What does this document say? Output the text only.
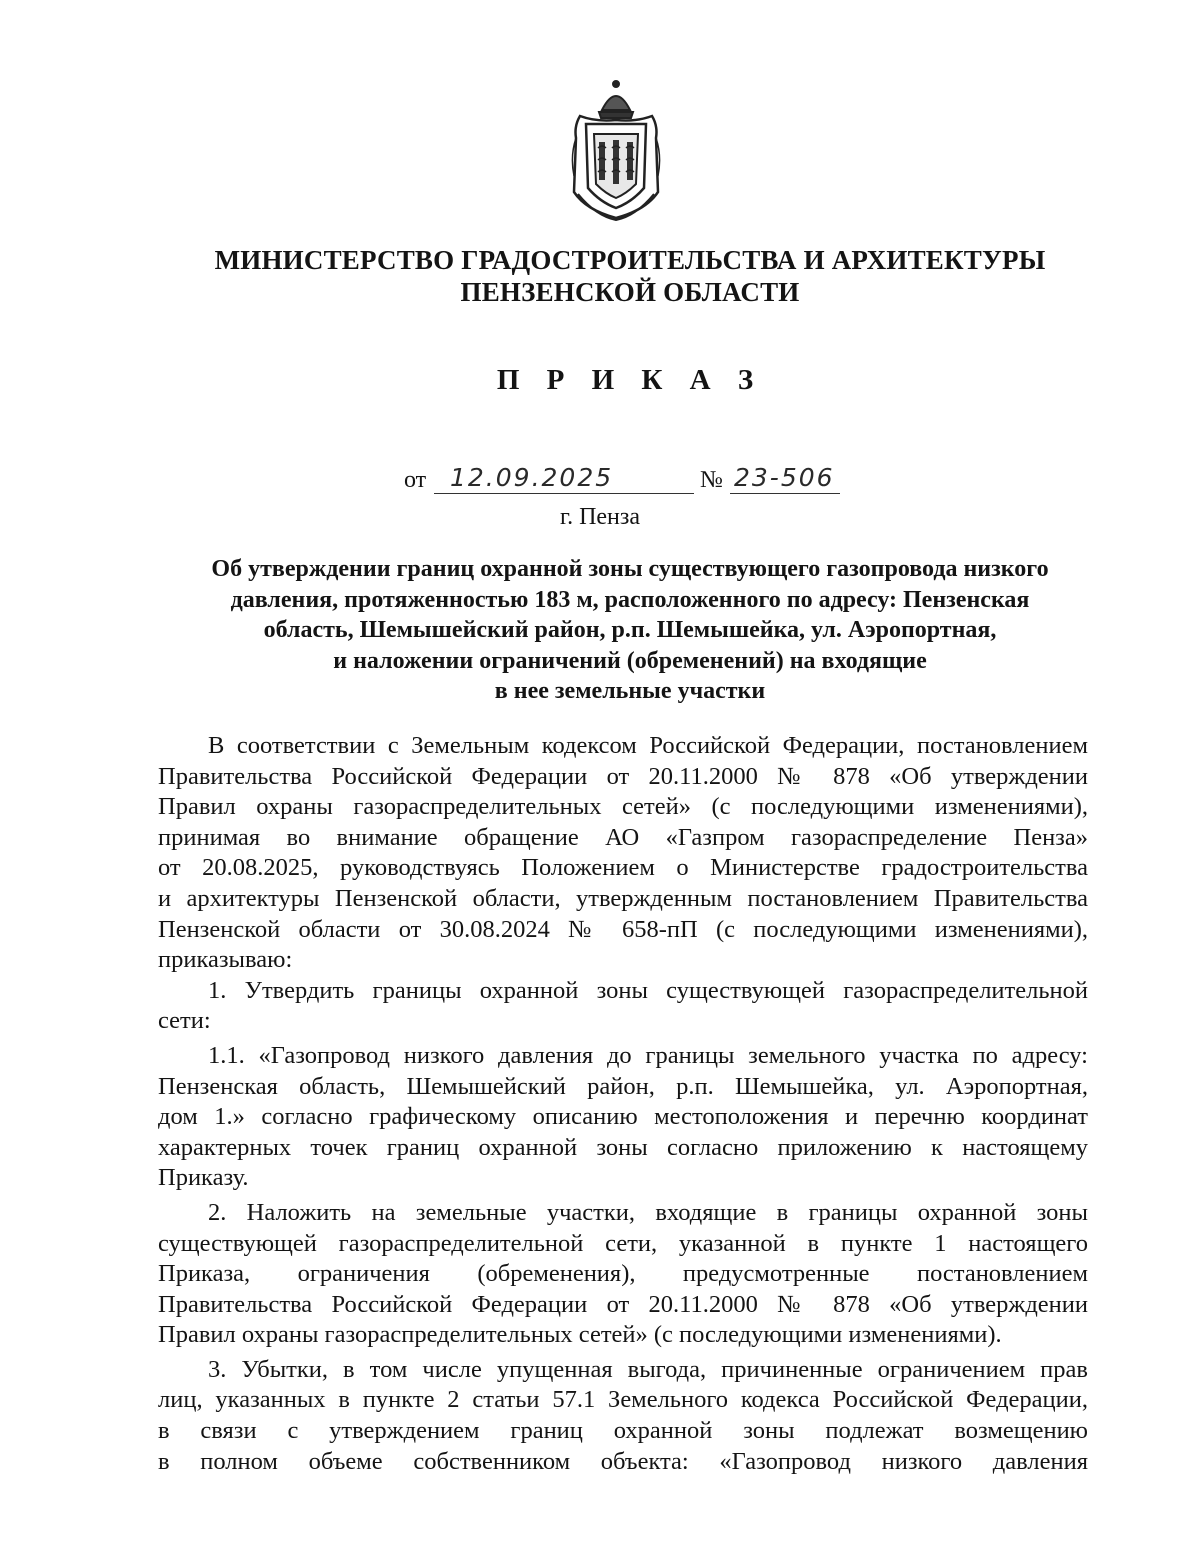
МИНИСТЕРСТВО ГРАДОСТРОИТЕЛЬСТВА И АРХИТЕКТУРЫ
ПЕНЗЕНСКОЙ ОБЛАСТИ
П Р И К А З
от 12.09.2025	№ 23-506
г. Пенза
Об утверждении границ охранной зоны существующего газопровода низкого
давления, протяженностью 183 м, расположенного по адресу: Пензенская
область, Шемышейский район, р.п. Шемышейка, ул. Аэропортная,
и наложении ограничений (обременений) на входящие
в нее земельные участки
В соответствии с Земельным кодексом Российской Федерации, постановлением
Правительства Российской Федерации от 20.11.2000 № 878 «Об утверждении
Правил охраны газораспределительных сетей» (с последующими изменениями),
принимая во внимание обращение АО «Газпром газораспределение Пенза»
от 20.08.2025, руководствуясь Положением о Министерстве градостроительства
и архитектуры Пензенской области, утвержденным постановлением Правительства
Пензенской области от 30.08.2024 № 658-пП (с последующими изменениями),
приказываю:
1. Утвердить границы охранной зоны существующей газораспределительной
сети:
1.1. «Газопровод низкого давления до границы земельного участка по адресу:
Пензенская область, Шемышейский район, р.п. Шемышейка, ул. Аэропортная,
дом 1.» согласно графическому описанию местоположения и перечню координат
характерных точек границ охранной зоны согласно приложению к настоящему
Приказу.
2. Наложить на земельные участки, входящие в границы охранной зоны
существующей газораспределительной сети, указанной в пункте 1 настоящего
Приказа, ограничения (обременения), предусмотренные постановлением
Правительства Российской Федерации от 20.11.2000 № 878 «Об утверждении
Правил охраны газораспределительных сетей» (с последующими изменениями).
3. Убытки, в том числе упущенная выгода, причиненные ограничением прав
лиц, указанных в пункте 2 статьи 57.1 Земельного кодекса Российской Федерации,
в связи с утверждением границ охранной зоны подлежат возмещению
в полном объеме собственником объекта: «Газопровод низкого давления
